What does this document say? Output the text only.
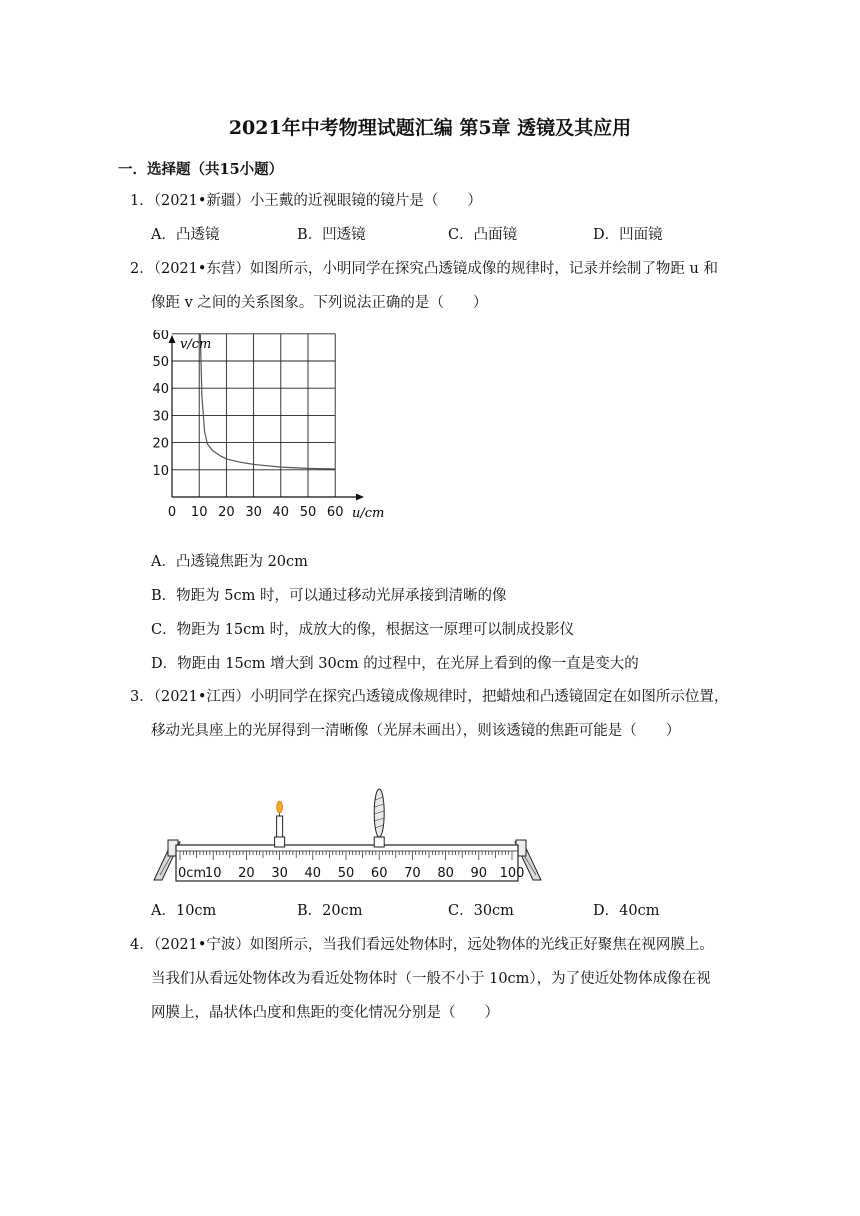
2021年中考物理试题汇编 第5章 透镜及其应用
一．选择题（共15小题）
1．（2021•新疆）小王戴的近视眼镜的镜片是（　　）
A．凸透镜	B．凹透镜	C．凸面镜	D．凹面镜
2．（2021•东营）如图所示，小明同学在探究凸透镜成像的规律时，记录并绘制了物距 u 和
像距 v 之间的关系图象。下列说法正确的是（　　）
0 10 20 30 40 50 60
10
20
30
40
50
60
v/cm
u/cm
A．凸透镜焦距为 20cm
B．物距为 5cm 时，可以通过移动光屏承接到清晰的像
C．物距为 15cm 时，成放大的像，根据这一原理可以制成投影仪
D．物距由 15cm 增大到 30cm 的过程中，在光屏上看到的像一直是变大的
3．（2021•江西）小明同学在探究凸透镜成像规律时，把蜡烛和凸透镜固定在如图所示位置，
移动光具座上的光屏得到一清晰像（光屏未画出），则该透镜的焦距可能是（　　）
0cm
10 20 30 40 50 60 70 80 90 100
A．10cm	B．20cm	C．30cm	D．40cm
4．（2021•宁波）如图所示，当我们看远处物体时，远处物体的光线正好聚焦在视网膜上。
当我们从看远处物体改为看近处物体时（一般不小于 10cm），为了使近处物体成像在视
网膜上，晶状体凸度和焦距的变化情况分别是（　　）
